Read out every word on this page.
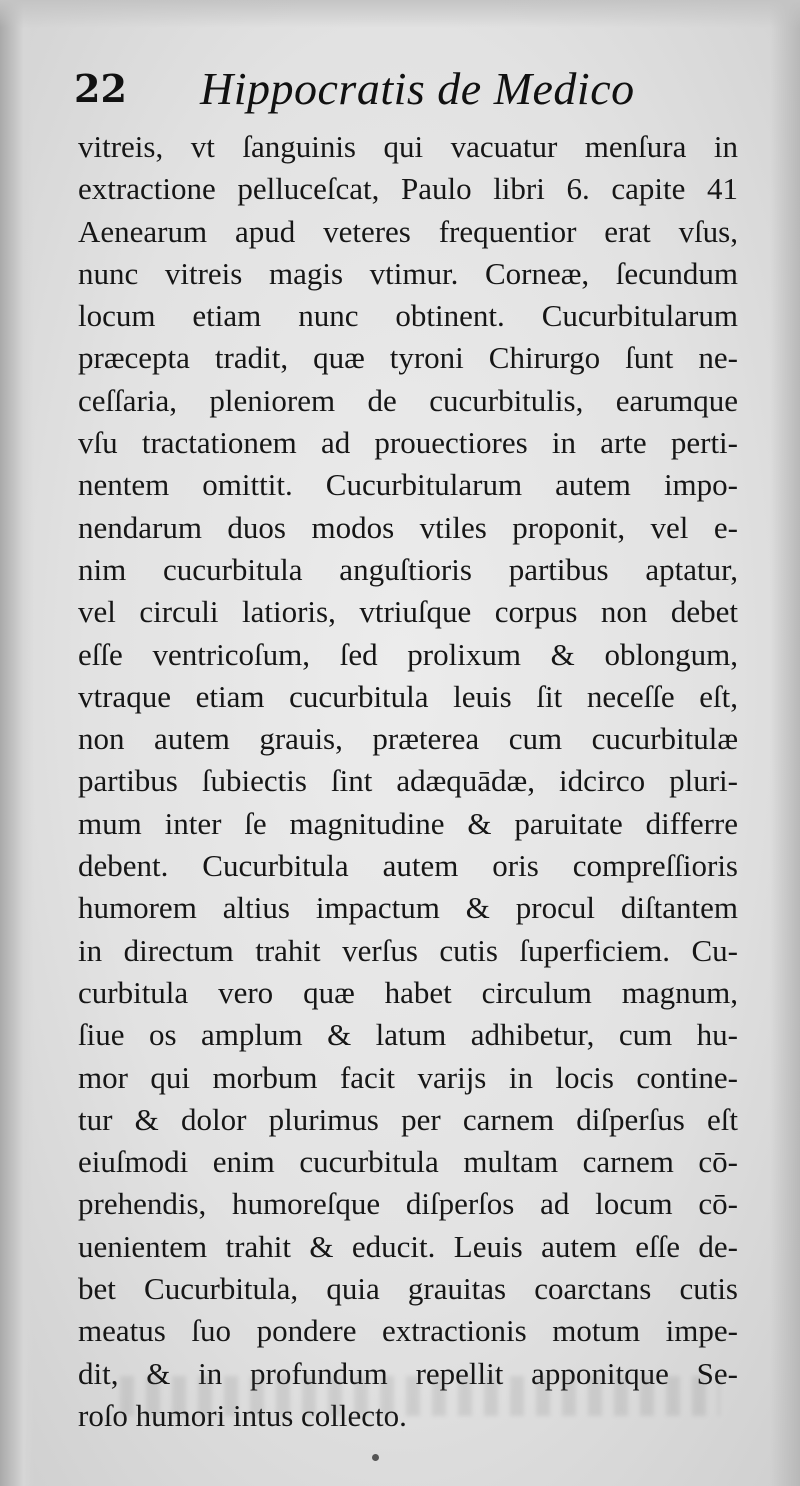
22 Hippocratis de Medico
vitreis, vt ſanguinis qui vacuatur menſura in
extractione pelluceſcat, Paulo libri 6. capite 41
Aenearum apud veteres frequentior erat vſus,
nunc vitreis magis vtimur. Corneæ, ſecundum
locum etiam nunc obtinent. Cucurbitularum
præcepta tradit, quæ tyroni Chirurgo ſunt ne-
ceſſaria, pleniorem de cucurbitulis, earumque
vſu tractationem ad prouectiores in arte perti-
nentem omittit. Cucurbitularum autem impo-
nendarum duos modos vtiles proponit, vel e-
nim cucurbitula anguſtioris partibus aptatur,
vel circuli latioris, vtriuſque corpus non debet
eſſe ventricoſum, ſed prolixum & oblongum,
vtraque etiam cucurbitula leuis ſit neceſſe eſt,
non autem grauis, præterea cum cucurbitulæ
partibus ſubiectis ſint adæquādæ, idcirco pluri-
mum inter ſe magnitudine & paruitate differre
debent. Cucurbitula autem oris compreſſioris
humorem altius impactum & procul diſtantem
in directum trahit verſus cutis ſuperficiem. Cu-
curbitula vero quæ habet circulum magnum,
ſiue os amplum & latum adhibetur, cum hu-
mor qui morbum facit varijs in locis contine-
tur & dolor plurimus per carnem diſperſus eſt
eiuſmodi enim cucurbitula multam carnem cō-
prehendis, humoreſque diſperſos ad locum cō-
uenientem trahit & educit. Leuis autem eſſe de-
bet Cucurbitula, quia grauitas coarctans cutis
meatus ſuo pondere extractionis motum impe-
dit, & in profundum repellit apponitque Se-
roſo humori intus collecto.
